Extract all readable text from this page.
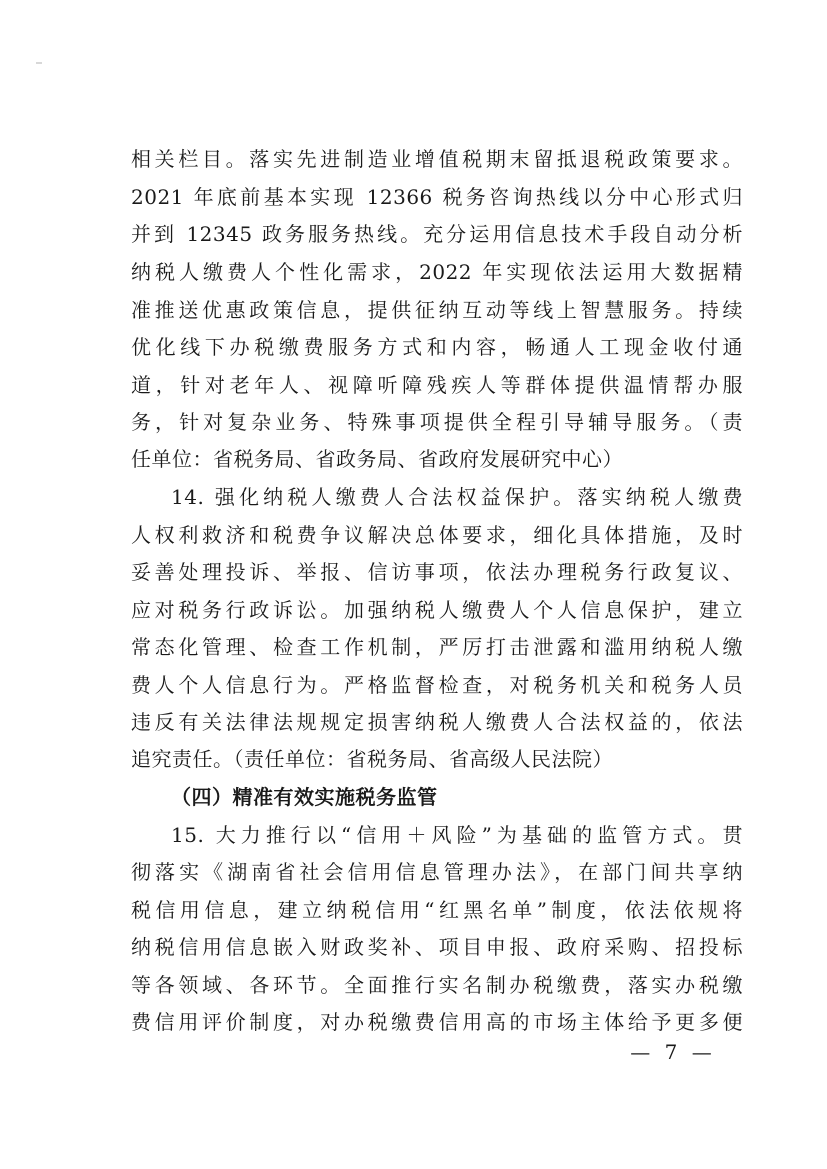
相关栏目。落实先进制造业增值税期末留抵退税政策要求。
2021 年底前基本实现 12366 税务咨询热线以分中心形式归
并到 12345 政务服务热线。充分运用信息技术手段自动分析
纳税人缴费人个性化需求，2022 年实现依法运用大数据精
准推送优惠政策信息，提供征纳互动等线上智慧服务。持续
优化线下办税缴费服务方式和内容，畅通人工现金收付通
道，针对老年人、视障听障残疾人等群体提供温情帮办服
务，针对复杂业务、特殊事项提供全程引导辅导服务。（责
任单位：省税务局、省政务局、省政府发展研究中心）
14. 强化纳税人缴费人合法权益保护。落实纳税人缴费
人权利救济和税费争议解决总体要求，细化具体措施，及时
妥善处理投诉、举报、信访事项，依法办理税务行政复议、
应对税务行政诉讼。加强纳税人缴费人个人信息保护，建立
常态化管理、检查工作机制，严厉打击泄露和滥用纳税人缴
费人个人信息行为。严格监督检查，对税务机关和税务人员
违反有关法律法规规定损害纳税人缴费人合法权益的，依法
追究责任。（责任单位：省税务局、省高级人民法院）
（四）精准有效实施税务监管
15. 大力推行以“信用＋风险”为基础的监管方式。贯
彻落实《湖南省社会信用信息管理办法》，在部门间共享纳
税信用信息，建立纳税信用“红黑名单”制度，依法依规将
纳税信用信息嵌入财政奖补、项目申报、政府采购、招投标
等各领域、各环节。全面推行实名制办税缴费，落实办税缴
费信用评价制度，对办税缴费信用高的市场主体给予更多便
— 7 —
